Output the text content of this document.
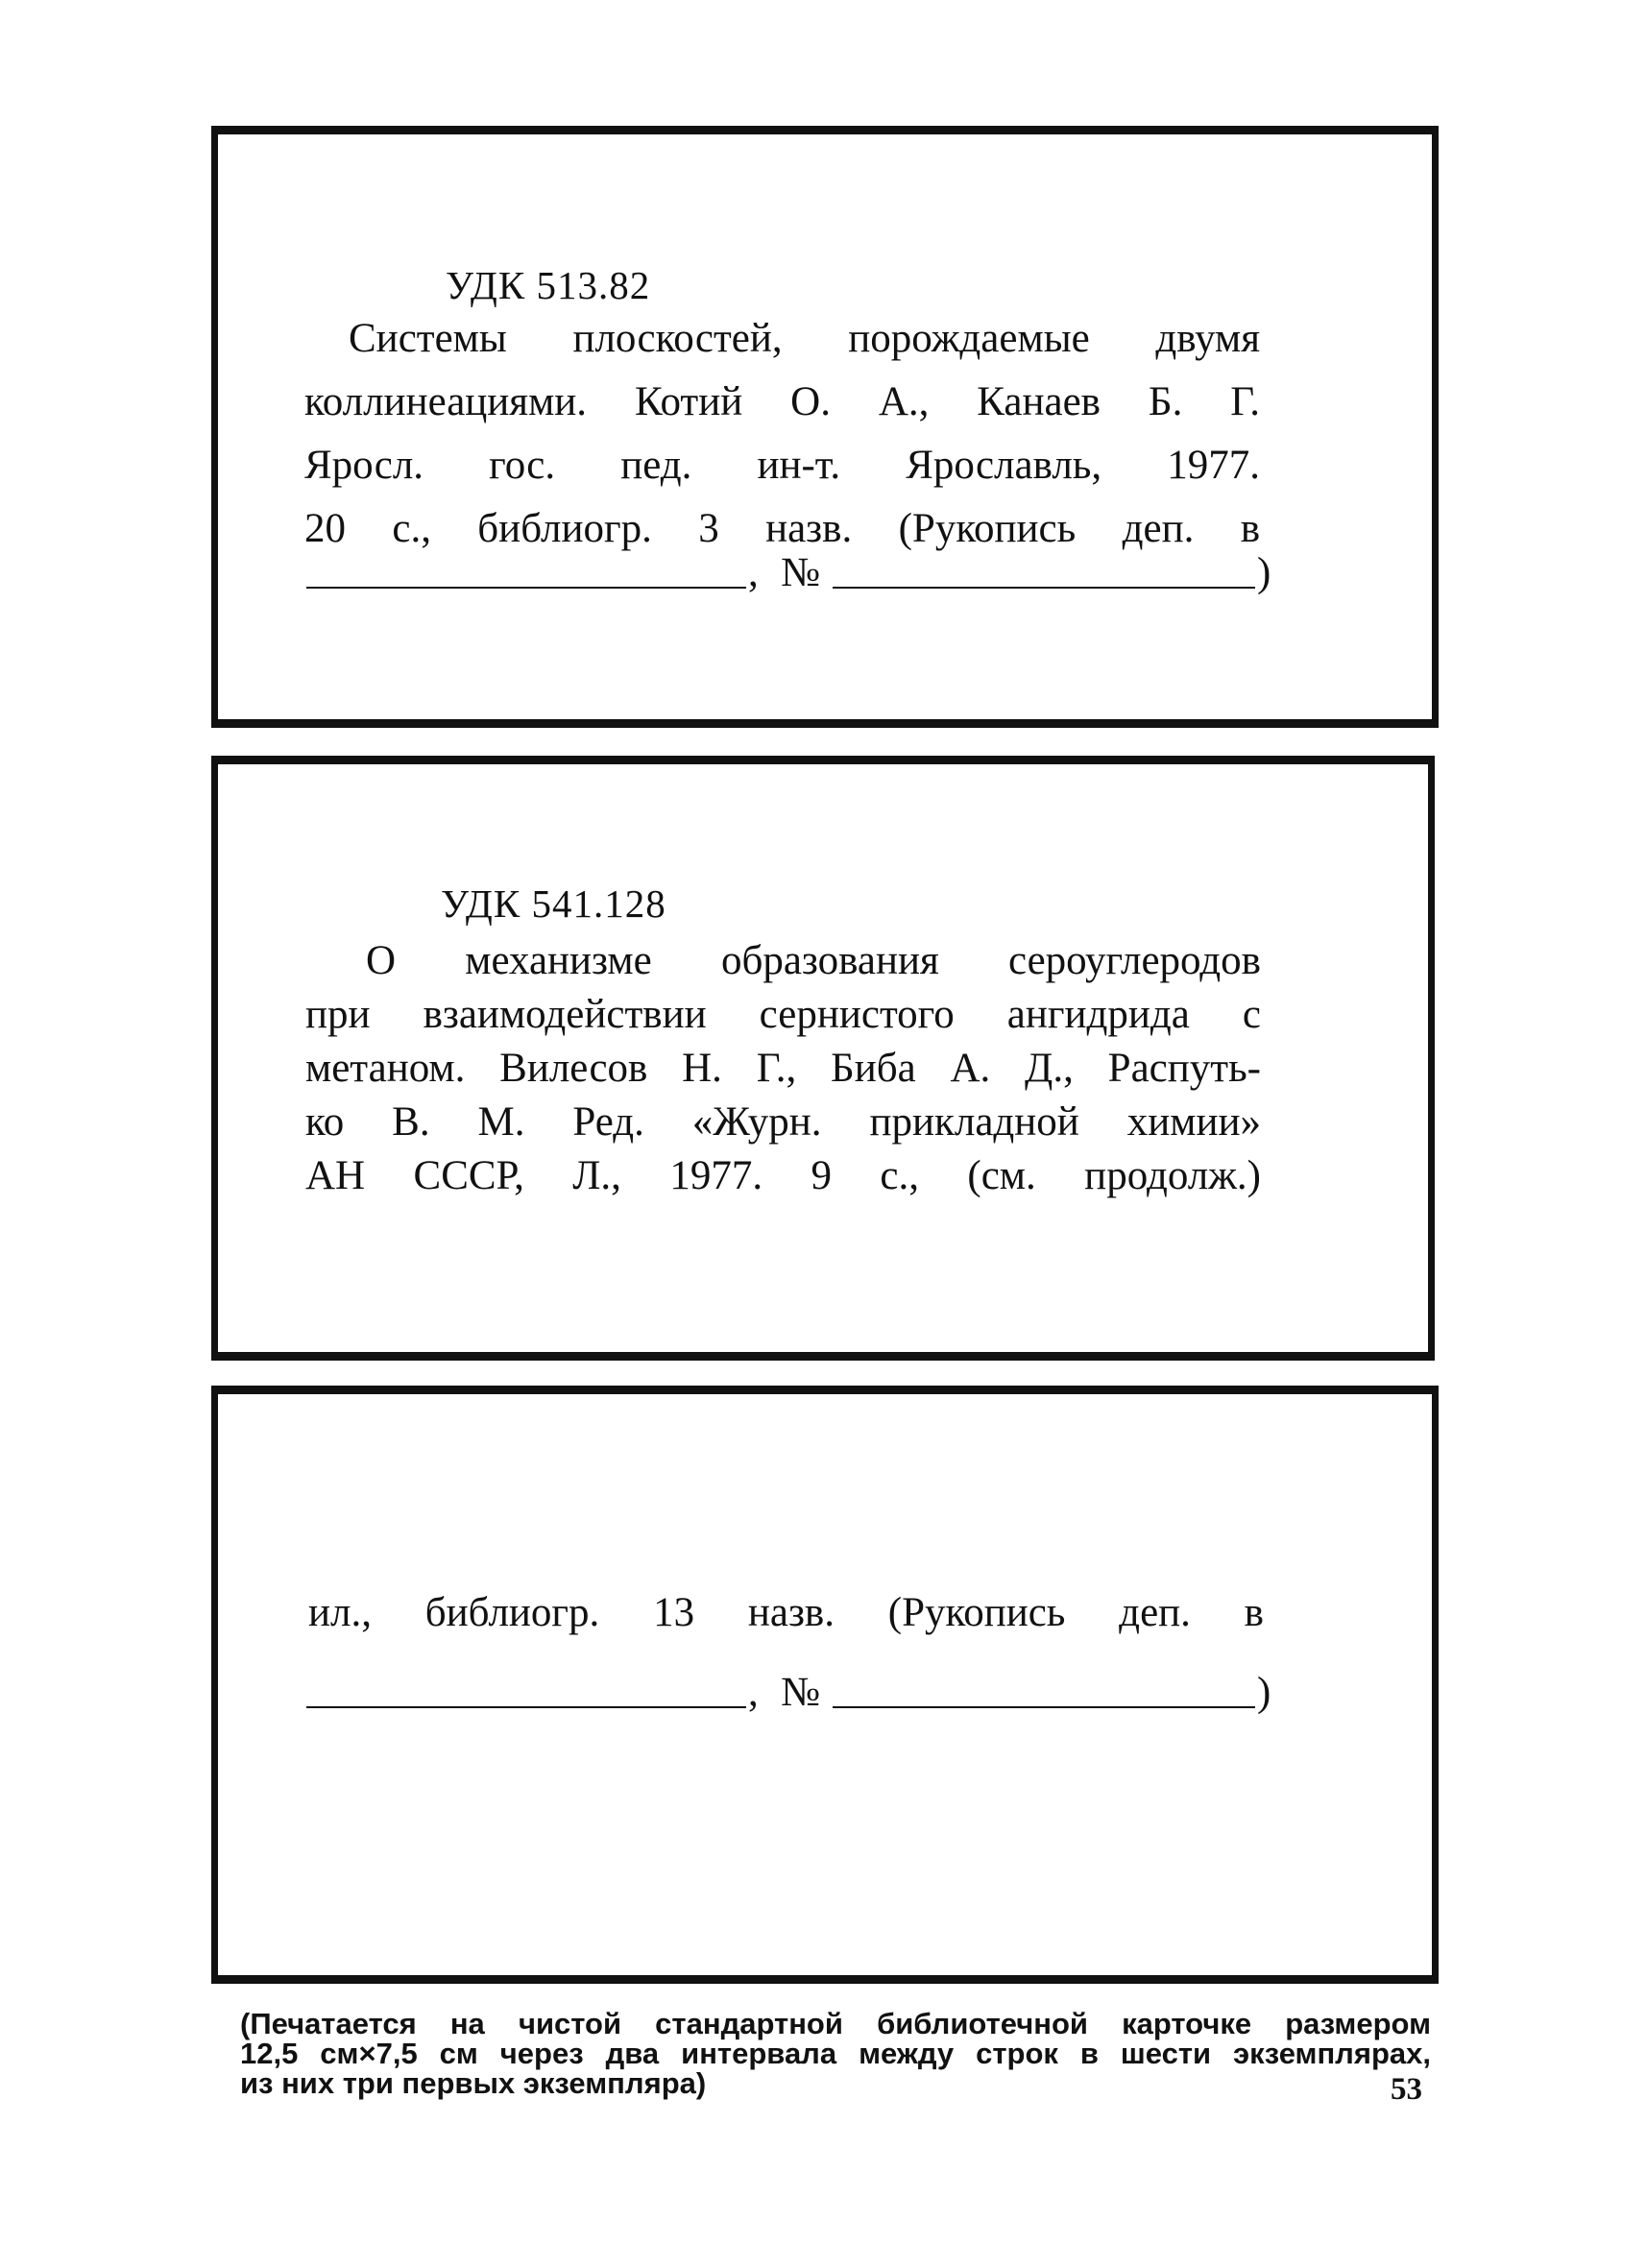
УДК 513.82
Системы плоскостей, порождаемые двумя
коллинеациями. Котий О. А., Канаев Б. Г.
Яросл. гос. пед. ин-т. Ярославль, 1977.
20 с., библиогр. 3 назв. (Рукопись деп. в
, №	)
УДК 541.128
О механизме образования сероуглеродов
при взаимодействии сернистого ангидрида с
метаном. Вилесов Н. Г., Биба А. Д., Распуть-
ко В. М. Ред. «Журн. прикладной химии»
АН СССР, Л., 1977. 9 с., (см. продолж.)
ил., библиогр. 13 назв. (Рукопись деп. в
, №	)
(Печатается на чистой стандартной библиотечной карточке размером
12,5 см×7,5 см через два интервала между строк в шести экземплярах,
из них три первых экземпляра)	53
